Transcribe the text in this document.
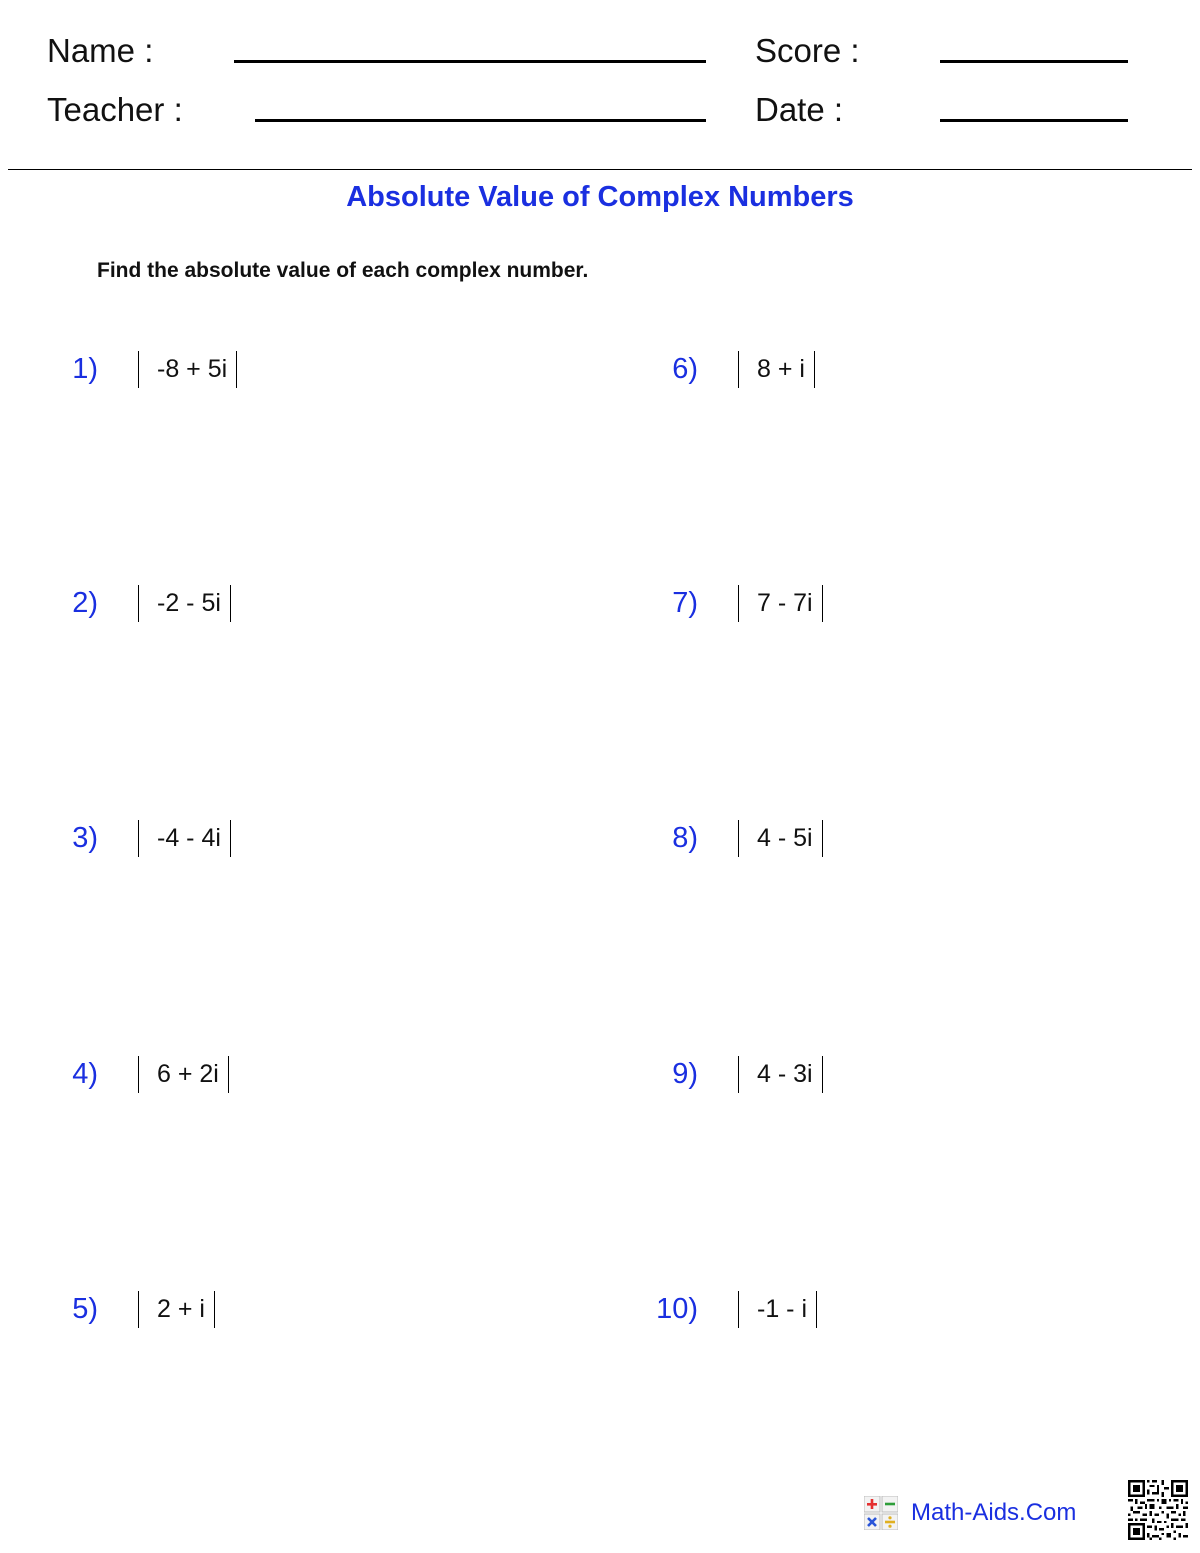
Name :
Teacher :
Score :
Date :
Absolute Value of Complex Numbers
Find the absolute value of each complex number.
1)	-8 + 5i
2)	-2 - 5i
3)	-4 - 4i
4)	6 + 2i
5)	2 + i
6)	8 + i
7)	7 - 7i
8)	4 - 5i
9)	4 - 3i
10)	-1 - i
Math-Aids.Com
